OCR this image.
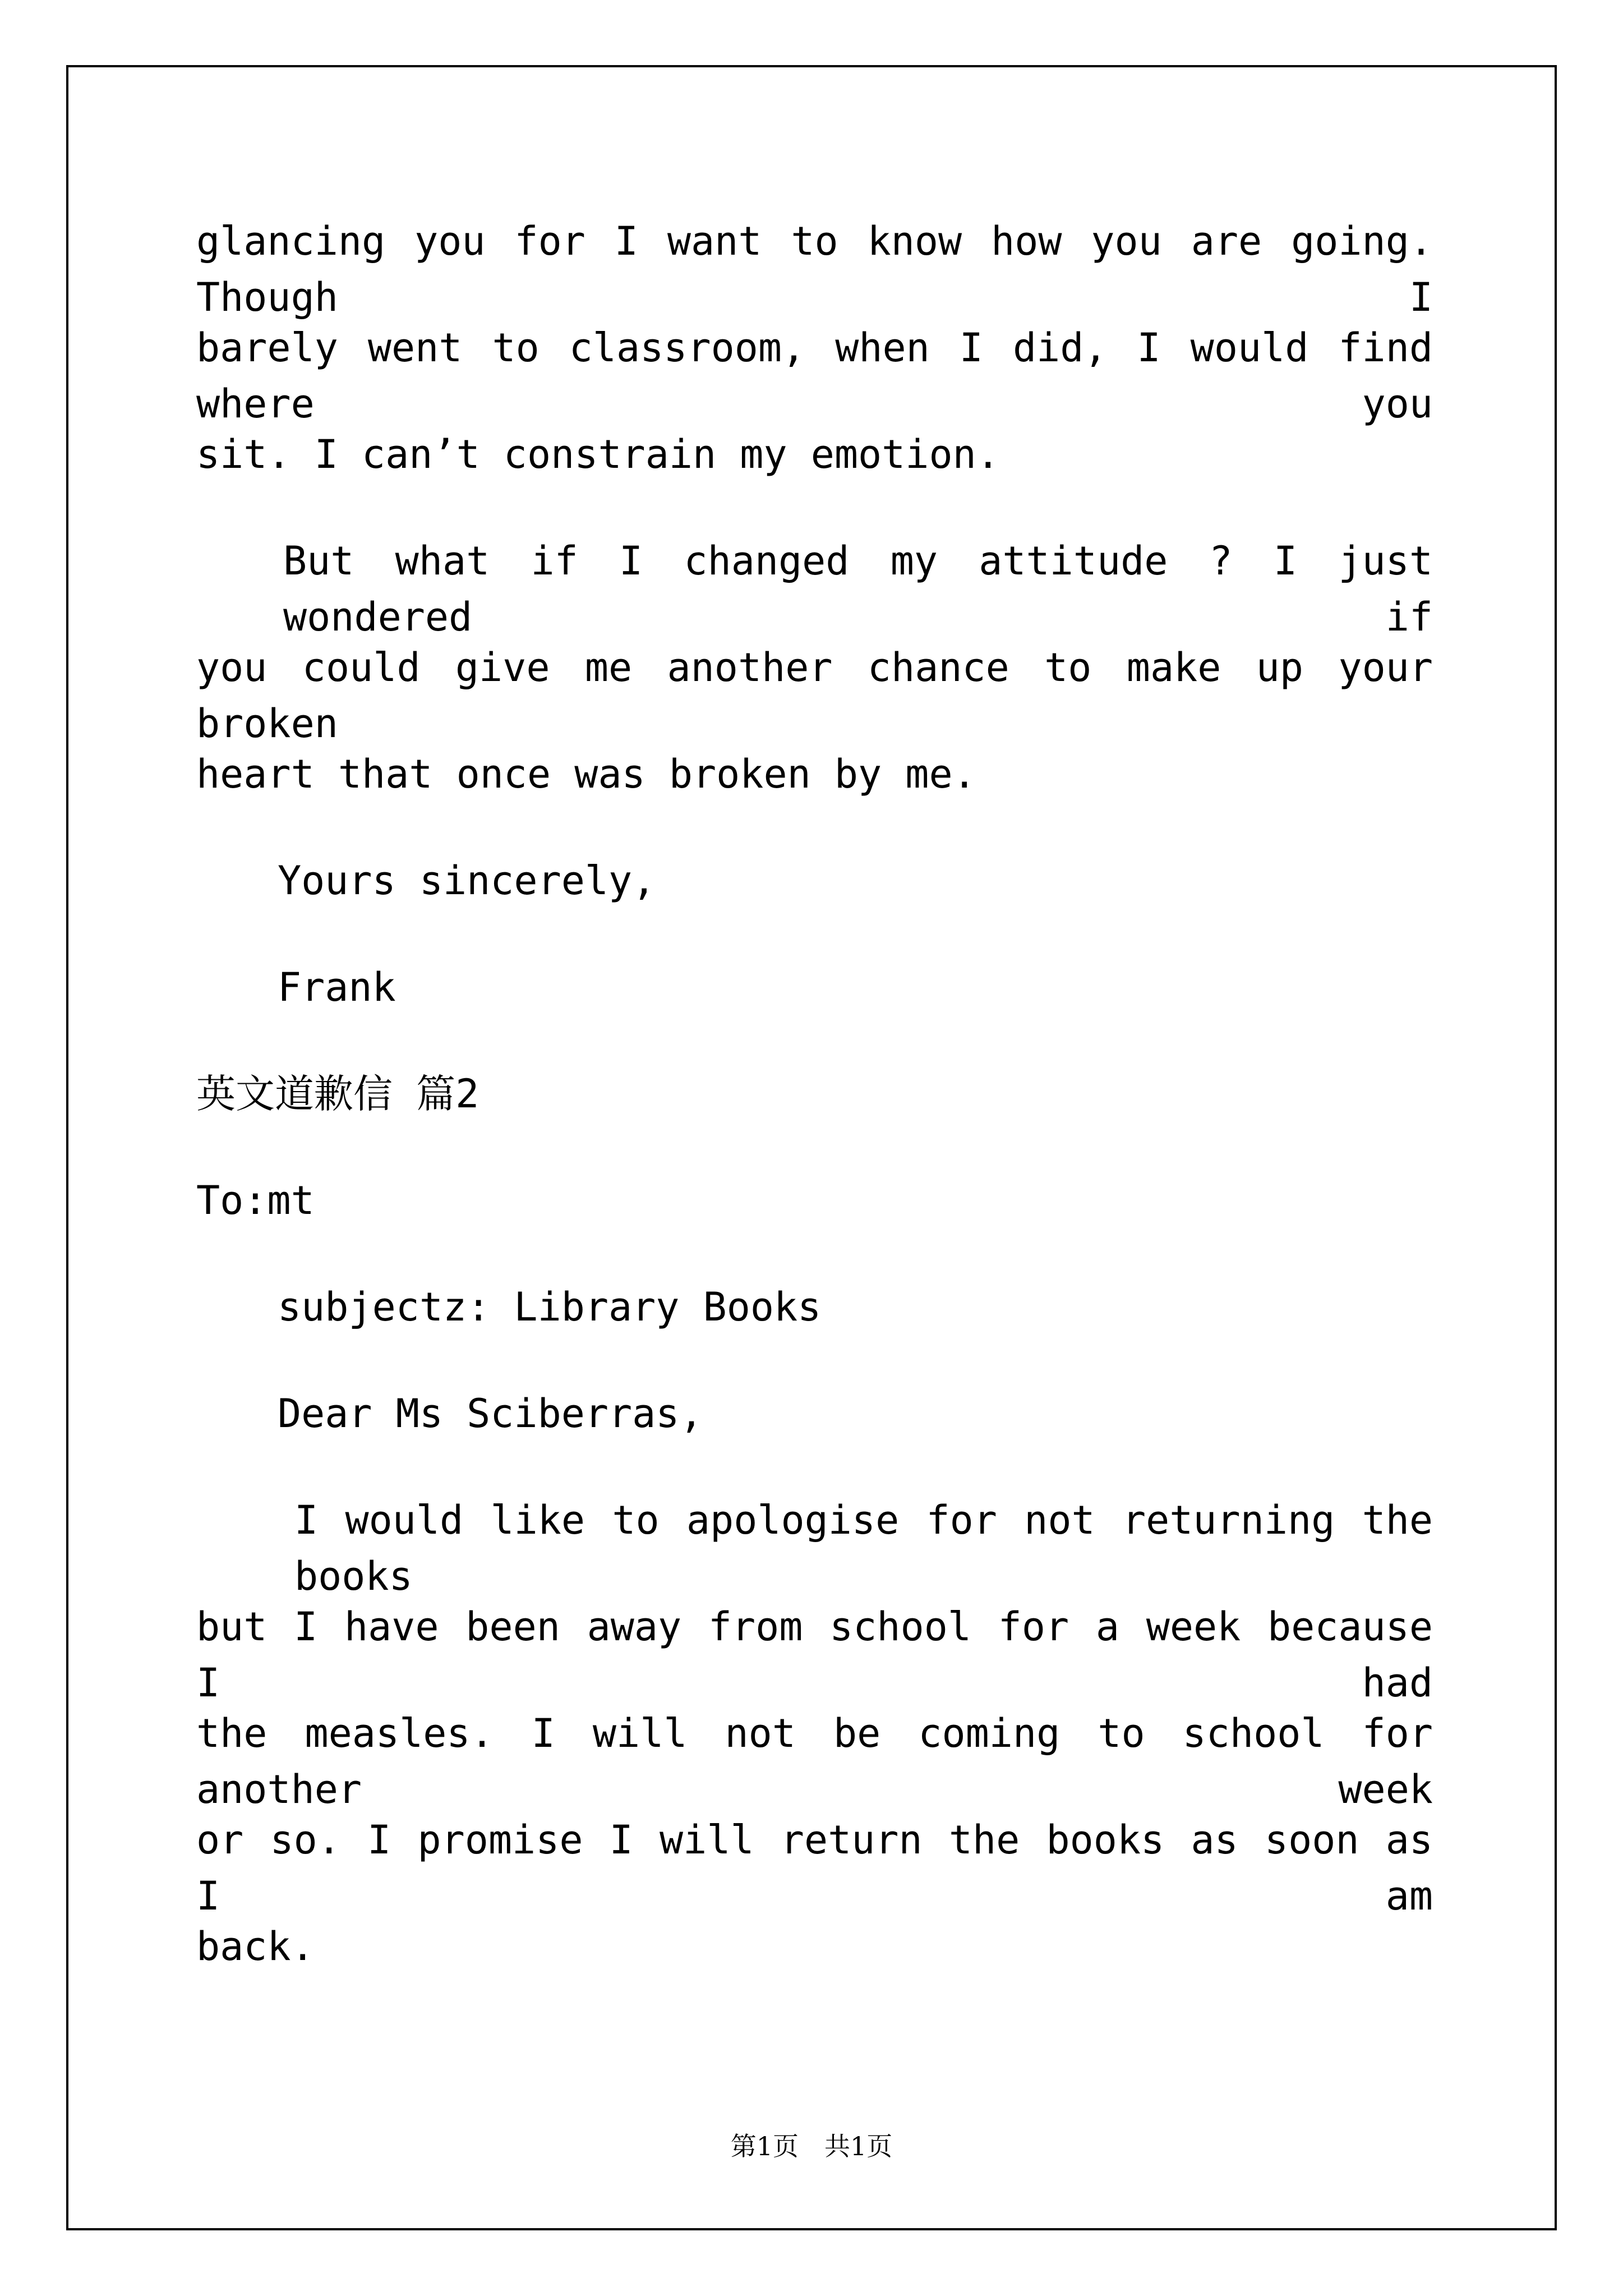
glancing you for I want to know how you are going. Though I
barely went to classroom, when I did, I would find where you
sit. I can’t constrain my emotion.
But what if I changed my attitude ? I just wondered if
you could give me another chance to make up your broken
heart that once was broken by me.
Yours sincerely,
Frank
英文道歉信 篇2
To:mt
subjectz: Library Books
Dear Ms Sciberras,
I would like to apologise for not returning the books
but I have been away from school for a week because I had
the measles. I will not be coming to school for another week
or so. I promise I will return the books as soon as I am
back.
第1页　共1页
